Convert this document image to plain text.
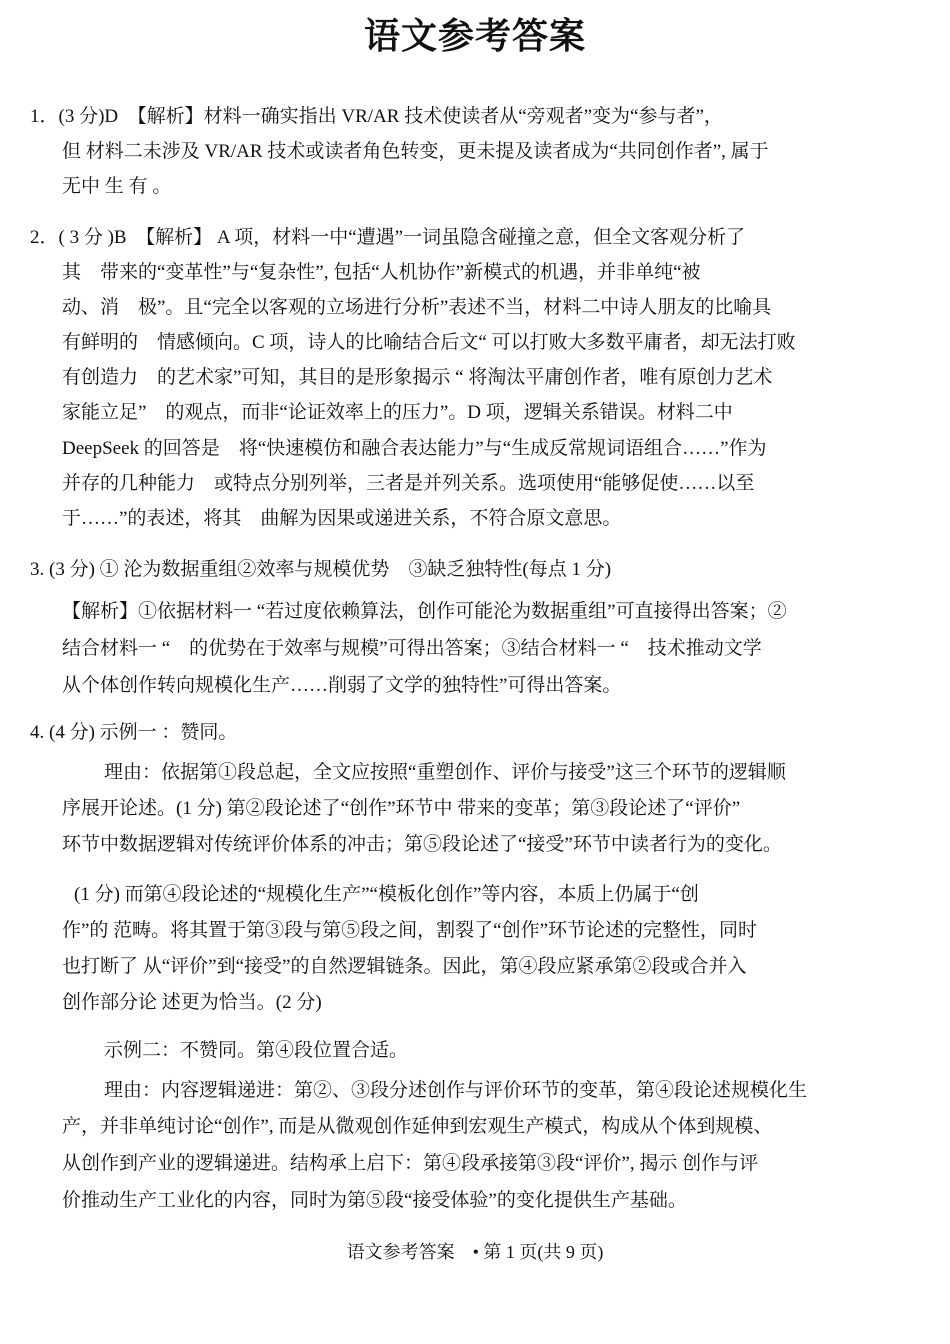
语文参考答案
1．(3 分)D　【解析】材料一确实指出 VR/AR 技术使读者从“旁观者”变为“参与者”，
但 材料二未涉及 VR/AR 技术或读者角色转变，更未提及读者成为“共同创作者”, 属于
无中 生 有 。
2．( 3 分 )B　【解析】 A 项，材料一中“遭遇”一词虽隐含碰撞之意，但全文客观分析了
其　带来的“变革性”与“复杂性”, 包括“人机协作”新模式的机遇，并非单纯“被
动、消　极”。且“完全以客观的立场进行分析”表述不当，材料二中诗人朋友的比喻具
有鲜明的　情感倾向。C 项，诗人的比喻结合后文“ 可以打败大多数平庸者，却无法打败
有创造力　的艺术家”可知，其目的是形象揭示 “ 将淘汰平庸创作者，唯有原创力艺术
家能立足”　的观点，而非“论证效率上的压力”。D 项，逻辑关系错误。材料二中
DeepSeek 的回答是　将“快速模仿和融合表达能力”与“生成反常规词语组合……”作为
并存的几种能力　或特点分别列举，三者是并列关系。选项使用“能够促使……以至
于……”的表述，将其　曲解为因果或递进关系，不符合原文意思。
3. (3 分) ① 沦为数据重组②效率与规模优势　③缺乏独特性(每点 1 分)
【解析】①依据材料一 “若过度依赖算法，创作可能沦为数据重组”可直接得出答案；②
结合材料一 “　的优势在于效率与规模”可得出答案；③结合材料一 “　技术推动文学
从个体创作转向规模化生产……削弱了文学的独特性”可得出答案。
4. (4 分) 示例一 ：赞同。
理由：依据第①段总起，全文应按照“重塑创作、评价与接受”这三个环节的逻辑顺
序展开论述。(1 分) 第②段论述了“创作”环节中 带来的变革；第③段论述了“评价”
环节中数据逻辑对传统评价体系的冲击；第⑤段论述了“接受”环节中读者行为的变化。
(1 分) 而第④段论述的“规模化生产”“模板化创作”等内容，本质上仍属于“创
作”的 范畴。将其置于第③段与第⑤段之间，割裂了“创作”环节论述的完整性，同时
也打断了 从“评价”到“接受”的自然逻辑链条。因此，第④段应紧承第②段或合并入
创作部分论 述更为恰当。(2 分)
示例二：不赞同。第④段位置合适。
理由：内容逻辑递进：第②、③段分述创作与评价环节的变革，第④段论述规模化生
产，并非单纯讨论“创作”, 而是从微观创作延伸到宏观生产模式，构成从个体到规模、
从创作到产业的逻辑递进。结构承上启下：第④段承接第③段“评价”, 揭示 创作与评
价推动生产工业化的内容，同时为第⑤段“接受体验”的变化提供生产基础。
语文参考答案　• 第 1 页(共 9 页)
